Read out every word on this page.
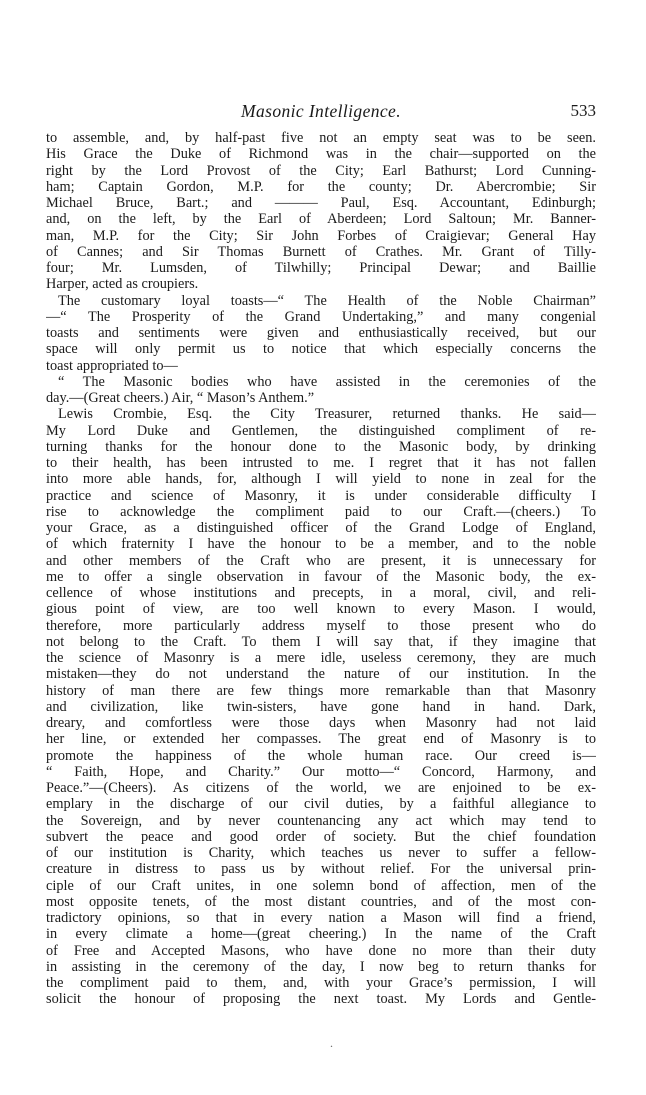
Masonic Intelligence.	533
to assemble, and, by half-past five not an empty seat was to be seen.
His Grace the Duke of Richmond was in the chair—supported on the
right by the Lord Provost of the City; Earl Bathurst; Lord Cunning-
ham; Captain Gordon, M.P. for the county; Dr. Abercrombie; Sir
Michael Bruce, Bart.; and ——— Paul, Esq. Accountant, Edinburgh;
and, on the left, by the Earl of Aberdeen; Lord Saltoun; Mr. Banner-
man, M.P. for the City; Sir John Forbes of Craigievar; General Hay
of Cannes; and Sir Thomas Burnett of Crathes. Mr. Grant of Tilly-
four; Mr. Lumsden, of Tilwhilly; Principal Dewar; and Baillie
Harper, acted as croupiers.
The customary loyal toasts—“ The Health of the Noble Chairman”
—“ The Prosperity of the Grand Undertaking,” and many congenial
toasts and sentiments were given and enthusiastically received, but our
space will only permit us to notice that which especially concerns the
toast appropriated to—
“ The Masonic bodies who have assisted in the ceremonies of the
day.—(Great cheers.) Air, “ Mason’s Anthem.”
Lewis Crombie, Esq. the City Treasurer, returned thanks. He said—
My Lord Duke and Gentlemen, the distinguished compliment of re-
turning thanks for the honour done to the Masonic body, by drinking
to their health, has been intrusted to me. I regret that it has not fallen
into more able hands, for, although I will yield to none in zeal for the
practice and science of Masonry, it is under considerable difficulty I
rise to acknowledge the compliment paid to our Craft.—(cheers.) To
your Grace, as a distinguished officer of the Grand Lodge of England,
of which fraternity I have the honour to be a member, and to the noble
and other members of the Craft who are present, it is unnecessary for
me to offer a single observation in favour of the Masonic body, the ex-
cellence of whose institutions and precepts, in a moral, civil, and reli-
gious point of view, are too well known to every Mason. I would,
therefore, more particularly address myself to those present who do
not belong to the Craft. To them I will say that, if they imagine that
the science of Masonry is a mere idle, useless ceremony, they are much
mistaken—they do not understand the nature of our institution. In the
history of man there are few things more remarkable than that Masonry
and civilization, like twin-sisters, have gone hand in hand. Dark,
dreary, and comfortless were those days when Masonry had not laid
her line, or extended her compasses. The great end of Masonry is to
promote the happiness of the whole human race. Our creed is—
“ Faith, Hope, and Charity.” Our motto—“ Concord, Harmony, and
Peace.”—(Cheers). As citizens of the world, we are enjoined to be ex-
emplary in the discharge of our civil duties, by a faithful allegiance to
the Sovereign, and by never countenancing any act which may tend to
subvert the peace and good order of society. But the chief foundation
of our institution is Charity, which teaches us never to suffer a fellow-
creature in distress to pass us by without relief. For the universal prin-
ciple of our Craft unites, in one solemn bond of affection, men of the
most opposite tenets, of the most distant countries, and of the most con-
tradictory opinions, so that in every nation a Mason will find a friend,
in every climate a home—(great cheering.) In the name of the Craft
of Free and Accepted Masons, who have done no more than their duty
in assisting in the ceremony of the day, I now beg to return thanks for
the compliment paid to them, and, with your Grace’s permission, I will
solicit the honour of proposing the next toast. My Lords and Gentle-
.
